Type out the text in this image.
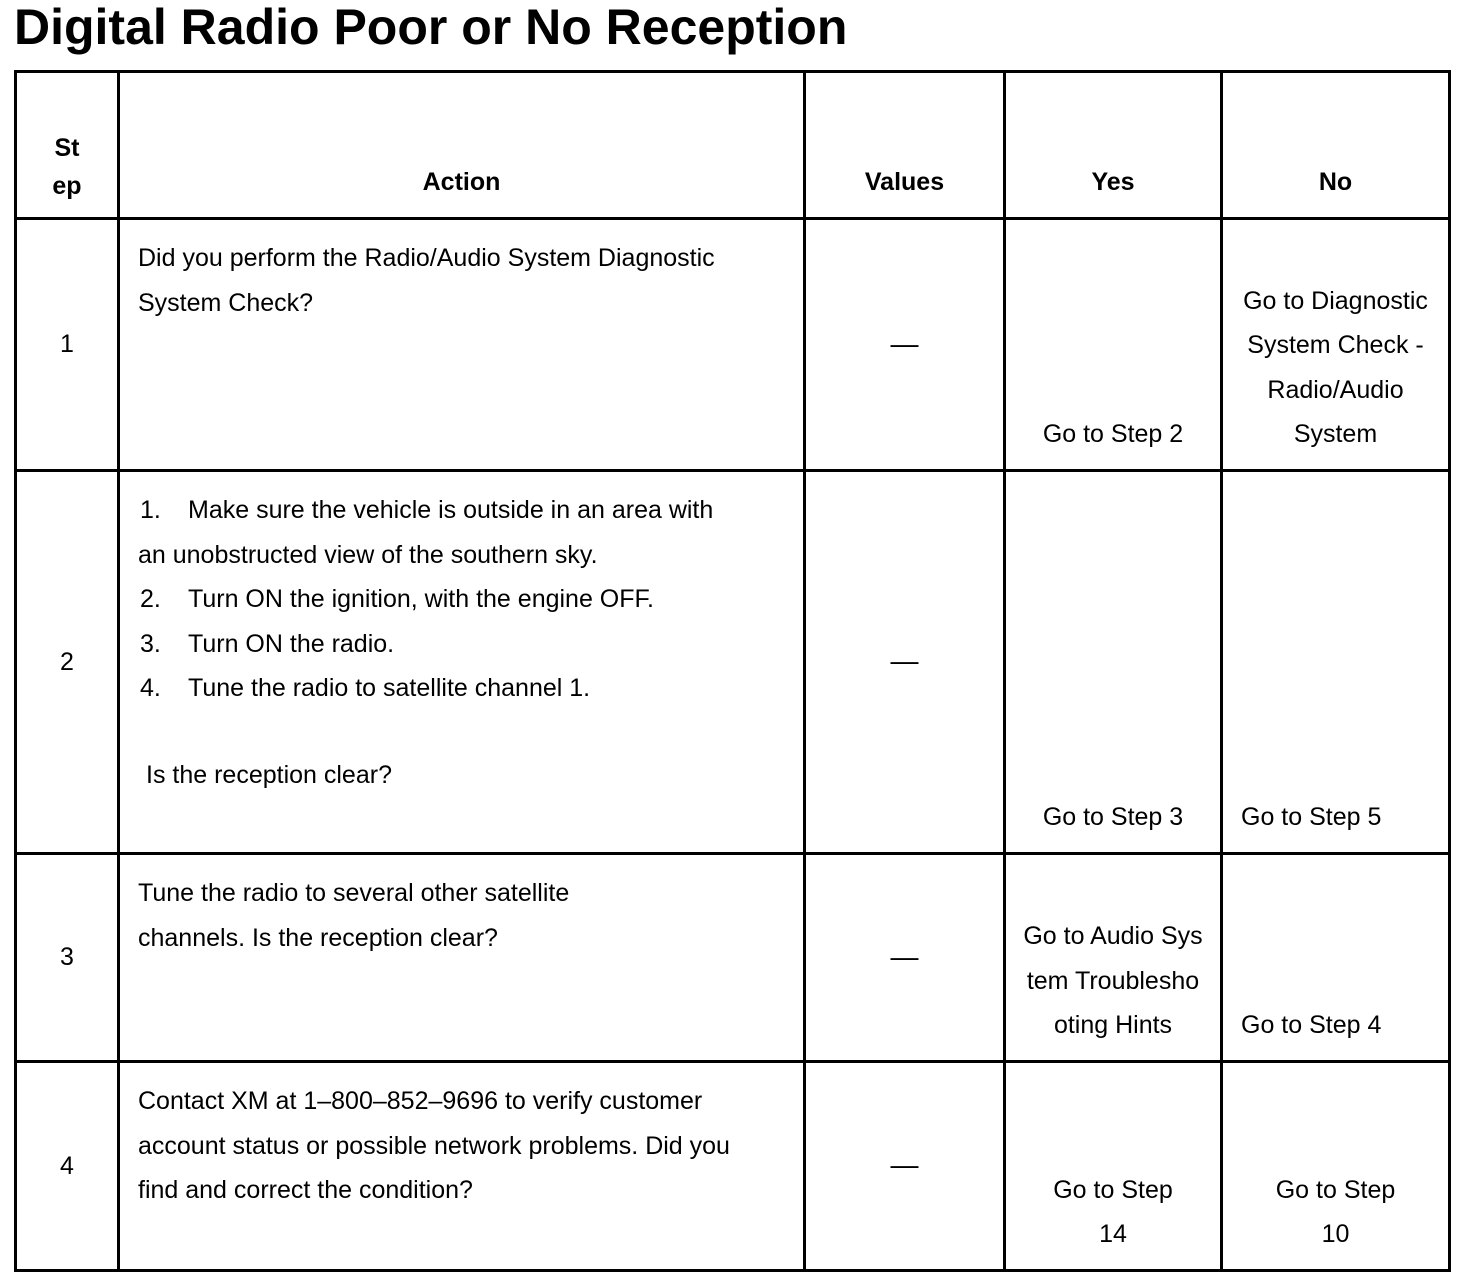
Digital Radio Poor or No Reception
St
ep	Action	Values	Yes	No
1	Did you perform the Radio/Audio System Diagnostic System Check?	—	Go to Step 2	Go to Diagnostic System Check - Radio/Audio System
2	1. Make sure the vehicle is outside in an area with an unobstructed view of the southern sky.
2. Turn ON the ignition, with the engine OFF.
3. Turn ON the radio.
4. Tune the radio to satellite channel 1.
Is the reception clear?	—	Go to Step 3	Go to Step 5
3	Tune the radio to several other satellite channels. Is the reception clear?	—	Go to Audio System Troubleshooting Hints	Go to Step 4
4	Contact XM at 1–800–852–9696 to verify customer account status or possible network problems. Did you find and correct the condition?	—	Go to Step 14	Go to Step 10
